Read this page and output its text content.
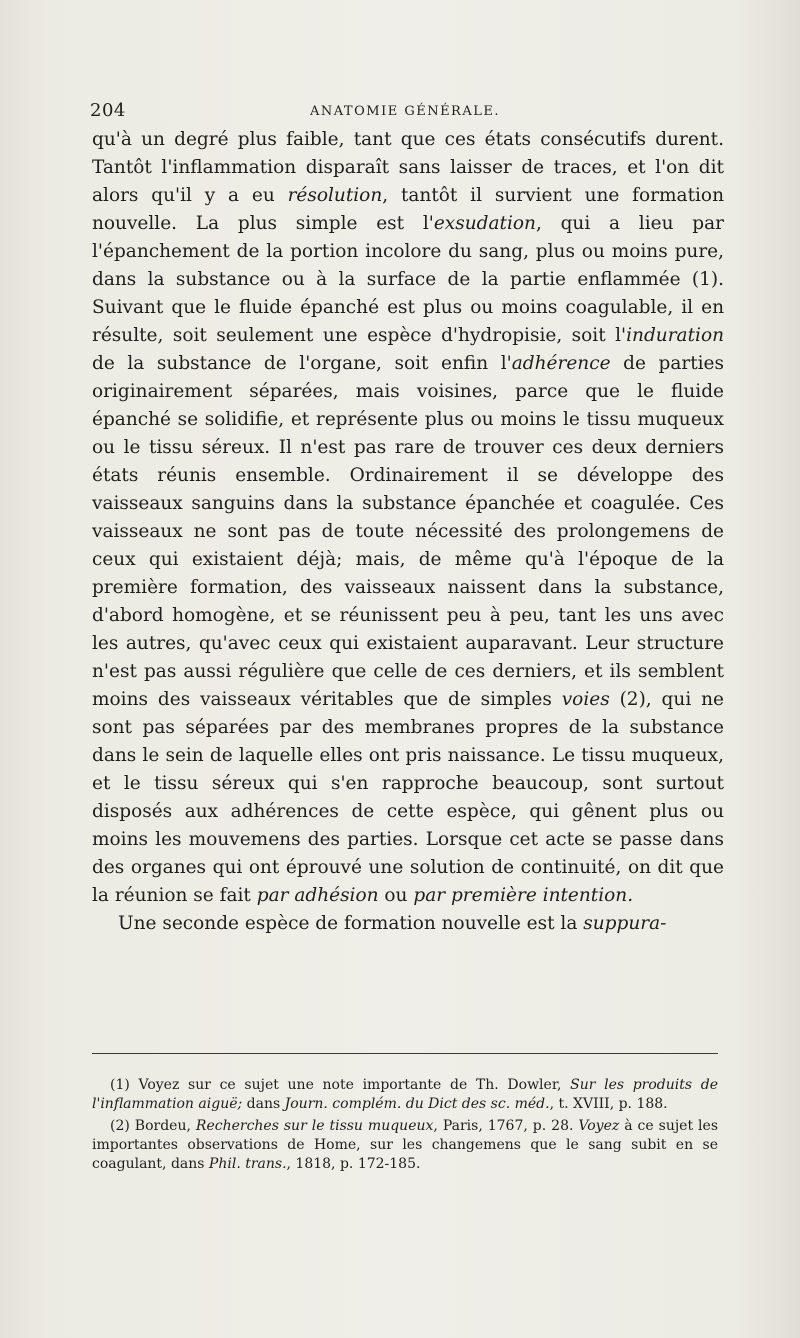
204	ANATOMIE GÉNÉRALE.

qu'à un degré plus faible, tant que ces états consécutifs durent. Tantôt l'inflammation disparaît sans laisser de traces, et l'on dit alors qu'il y a eu résolution, tantôt il survient une formation nouvelle. La plus simple est l'exsudation, qui a lieu par l'épanchement de la portion incolore du sang, plus ou moins pure, dans la substance ou à la surface de la partie enflammée (1). Suivant que le fluide épanché est plus ou moins coagulable, il en résulte, soit seulement une espèce d'hydropisie, soit l'induration de la substance de l'organe, soit enfin l'adhérence de parties originairement séparées, mais voisines, parce que le fluide épanché se solidifie, et représente plus ou moins le tissu muqueux ou le tissu séreux. Il n'est pas rare de trouver ces deux derniers états réunis ensemble. Ordinairement il se développe des vaisseaux sanguins dans la substance épanchée et coagulée. Ces vaisseaux ne sont pas de toute nécessité des prolongemens de ceux qui existaient déjà; mais, de même qu'à l'époque de la première formation, des vaisseaux naissent dans la substance, d'abord homogène, et se réunissent peu à peu, tant les uns avec les autres, qu'avec ceux qui existaient auparavant. Leur structure n'est pas aussi régulière que celle de ces derniers, et ils semblent moins des vaisseaux véritables que de simples voies (2), qui ne sont pas séparées par des membranes propres de la substance dans le sein de laquelle elles ont pris naissance. Le tissu muqueux, et le tissu séreux qui s'en rapproche beaucoup, sont surtout disposés aux adhérences de cette espèce, qui gênent plus ou moins les mouvemens des parties. Lorsque cet acte se passe dans des organes qui ont éprouvé une solution de continuité, on dit que la réunion se fait par adhésion ou par première intention.

Une seconde espèce de formation nouvelle est la suppura-

(1) Voyez sur ce sujet une note importante de Th. Dowler, Sur les produits de l'inflammation aiguë; dans Journ. complém. du Dict des sc. méd., t. XVIII, p. 188.

(2) Bordeu, Recherches sur le tissu muqueux, Paris, 1767, p. 28. Voyez à ce sujet les importantes observations de Home, sur les changemens que le sang subit en se coagulant, dans Phil. trans., 1818, p. 172-185.
